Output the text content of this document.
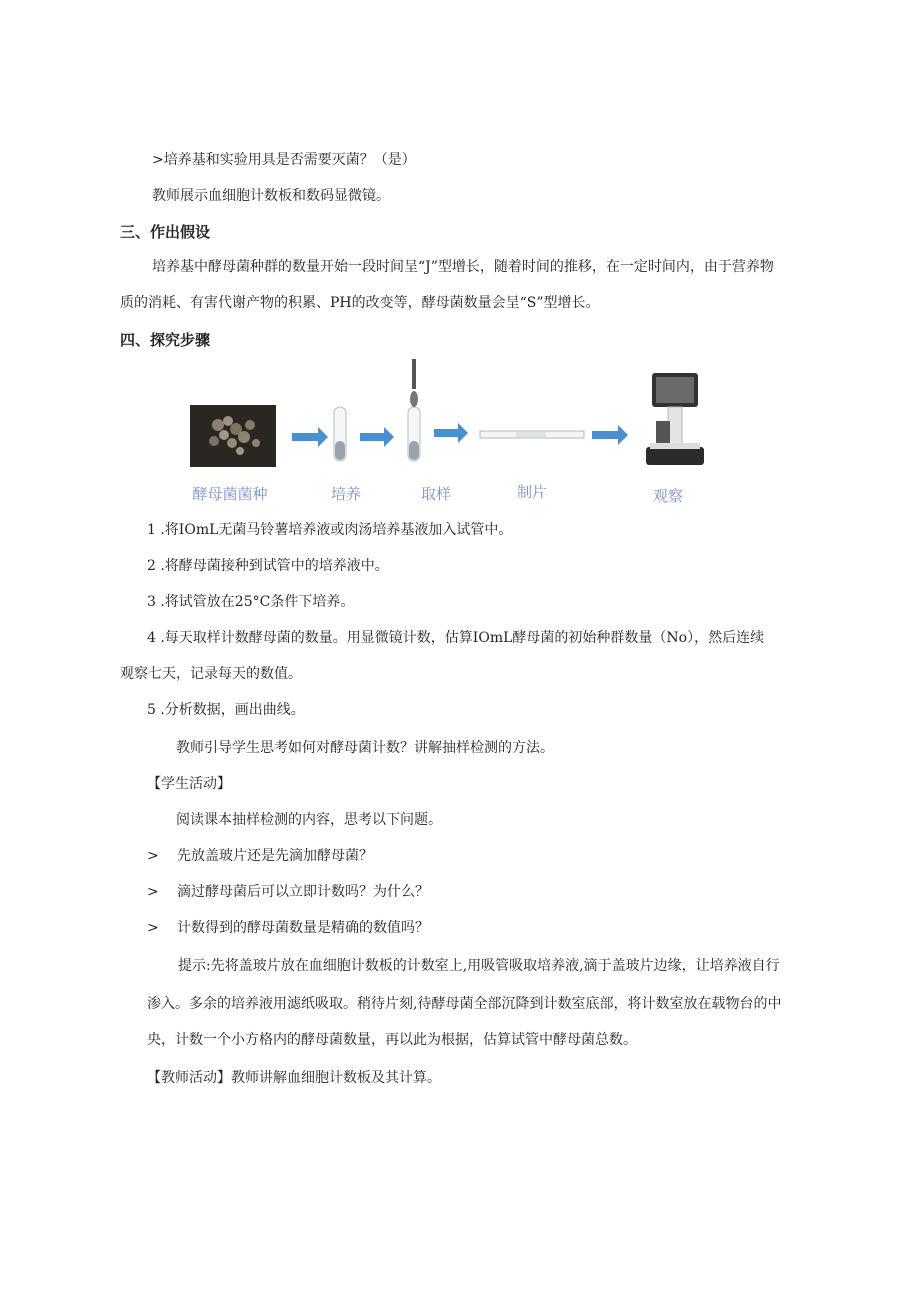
>培养基和实验用具是否需要灭菌？（是）
教师展示血细胞计数板和数码显微镜。
三、作出假设
培养基中酵母菌种群的数量开始一段时间呈“J”型增长，随着时间的推移，在一定时间内，由于营养物
质的消耗、有害代谢产物的积累、PH的改变等，酵母菌数量会呈“S”型增长。
四、探究步骤
酵母菌菌种	培养	取样	制片	观察
1 .将IOmL无菌马铃薯培养液或肉汤培养基液加入试管中。
2 .将酵母菌接种到试管中的培养液中。
3 .将试管放在25°C条件下培养。
4 .每天取样计数酵母菌的数量。用显微镜计数，估算IOmL酵母菌的初始种群数量（No），然后连续
观察七天，记录每天的数值。
5 .分析数据，画出曲线。
教师引导学生思考如何对酵母菌计数？讲解抽样检测的方法。
【学生活动】
阅读课本抽样检测的内容，思考以下问题。
> 先放盖玻片还是先滴加酵母菌？
> 滴过酵母菌后可以立即计数吗？为什么？
> 计数得到的酵母菌数量是精确的数值吗？
提示:先将盖玻片放在血细胞计数板的计数室上,用吸管吸取培养液,滴于盖玻片边缘，让培养液自行
渗入。多余的培养液用滤纸吸取。稍待片刻,待酵母菌全部沉降到计数室底部，将计数室放在载物台的中
央，计数一个小方格内的酵母菌数量，再以此为根据，估算试管中酵母菌总数。
【教师活动】教师讲解血细胞计数板及其计算。
